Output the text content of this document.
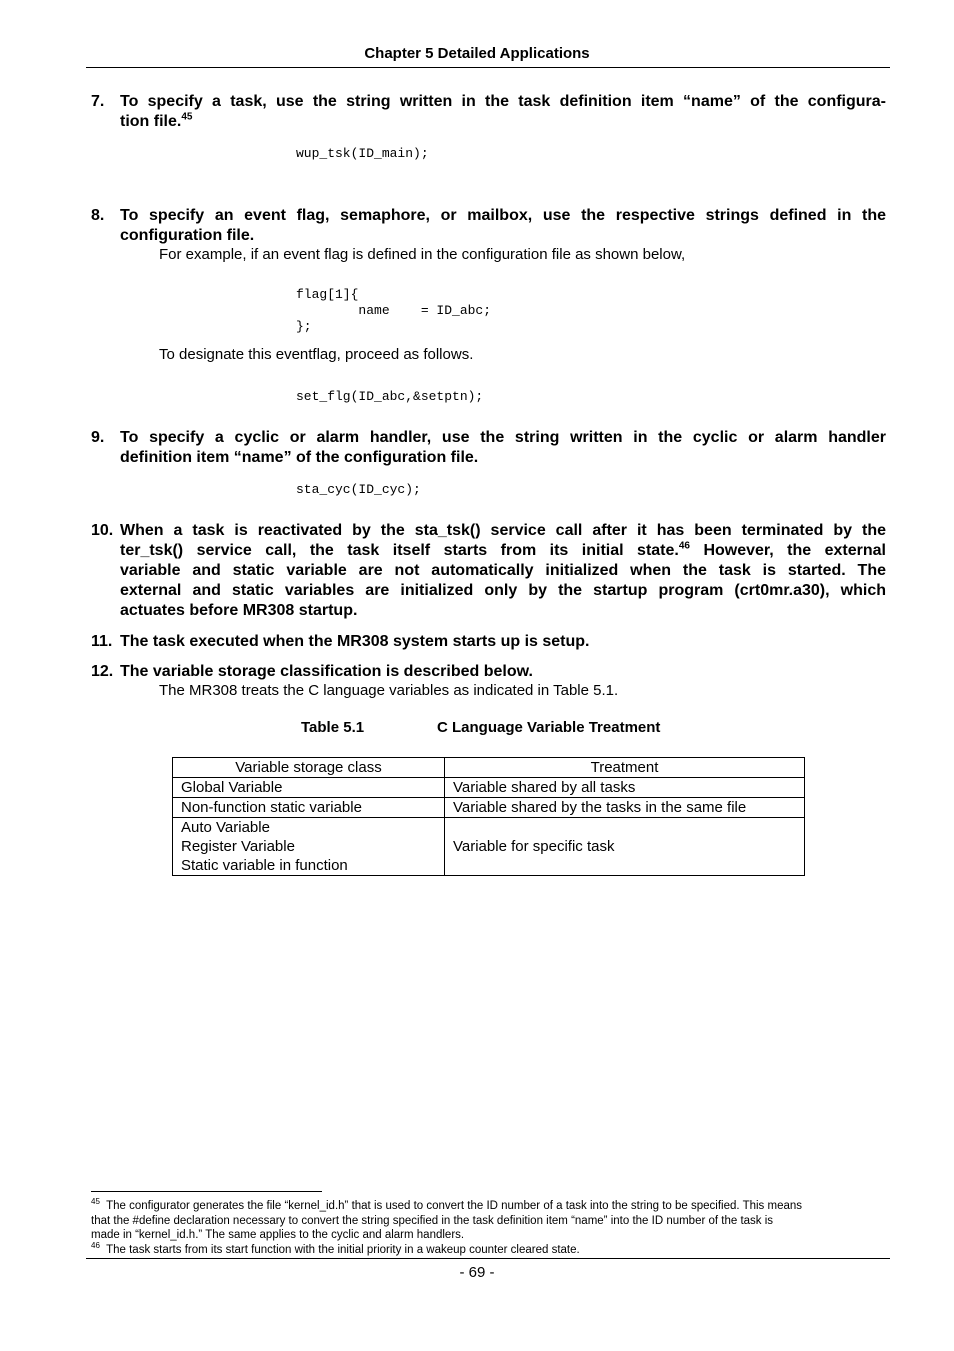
Chapter 5 Detailed Applications
7. To specify a task, use the string written in the task definition item “name” of the configura-
tion file.$^{45}$
wup_tsk(ID_main);
8. To specify an event flag, semaphore, or mailbox, use the respective strings defined in the
configuration file.
For example, if an event flag is defined in the configuration file as shown below,
flag[1]{
name    = ID_abc;
};
To designate this eventflag, proceed as follows.
set_flg(ID_abc,&setptn);
9. To specify a cyclic or alarm handler, use the string written in the cyclic or alarm handler
definition item “name” of the configuration file.
sta_cyc(ID_cyc);
10. When a task is reactivated by the sta_tsk() service call after it has been terminated by the
ter_tsk() service call, the task itself starts from its initial state.$^{46}$ However, the external
variable and static variable are not automatically initialized when the task is started. The
external and static variables are initialized only by the startup program (crt0mr.a30), which
actuates before MR308 startup.
11. The task executed when the MR308 system starts up is setup.
12. The variable storage classification is described below.
The MR308 treats the C language variables as indicated in Table 5.1.
Table 5.1	C Language Variable Treatment
Variable storage class	Treatment
Global Variable	Variable shared by all tasks
Non-function static variable	Variable shared by the tasks in the same file

Auto Variable
Register Variable
Static variable in function	Variable for specific task
$^{45}$ The configurator generates the file “kernel_id.h” that is used to convert the ID number of a task into the string to be specified. This means
that the #define declaration necessary to convert the string specified in the task definition item “name” into the ID number of the task is
made in “kernel_id.h.” The same applies to the cyclic and alarm handlers.
$^{46}$ The task starts from its start function with the initial priority in a wakeup counter cleared state.
- 69 -
